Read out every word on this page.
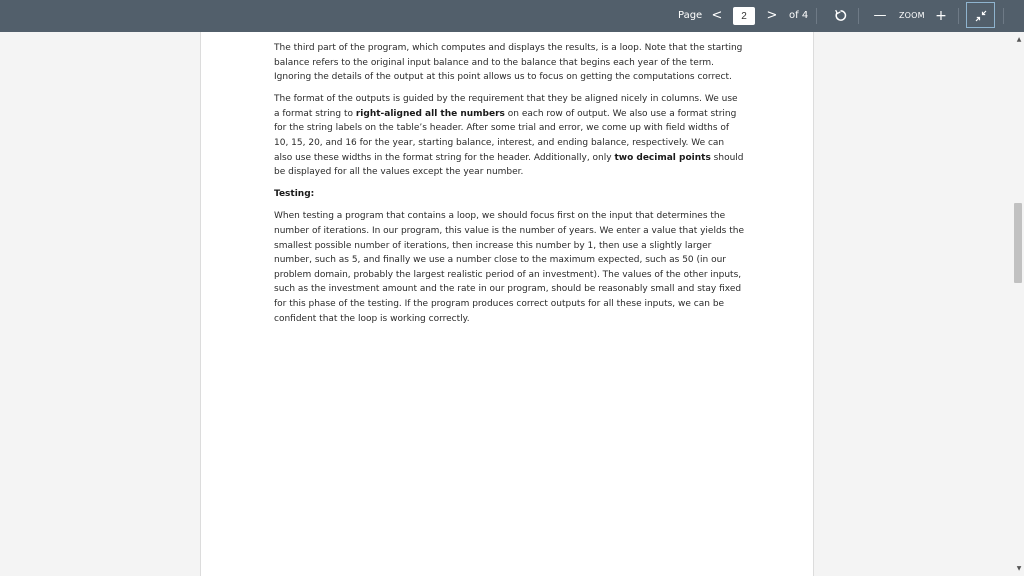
Page <
2	> of 4	— ZOOM +

The third part of the program, which computes and displays the results, is a loop. Note that the starting balance refers to the original input balance and to the balance that begins each year of the term. Ignoring the details of the output at this point allows us to focus on getting the computations correct.

The format of the outputs is guided by the requirement that they be aligned nicely in columns. We use a format string to right-aligned all the numbers on each row of output. We also use a format string for the string labels on the table’s header. After some trial and error, we come up with field widths of 10, 15, 20, and 16 for the year, starting balance, interest, and ending balance, respectively. We can also use these widths in the format string for the header. Additionally, only two decimal points should be displayed for all the values except the year number.

Testing:

When testing a program that contains a loop, we should focus first on the input that determines the number of iterations. In our program, this value is the number of years. We enter a value that yields the smallest possible number of iterations, then increase this number by 1, then use a slightly larger number, such as 5, and finally we use a number close to the maximum expected, such as 50 (in our problem domain, probably the largest realistic period of an investment). The values of the other inputs, such as the investment amount and the rate in our program, should be reasonably small and stay fixed for this phase of the testing. If the program produces correct outputs for all these inputs, we can be confident that the loop is working correctly.

▲
▼
